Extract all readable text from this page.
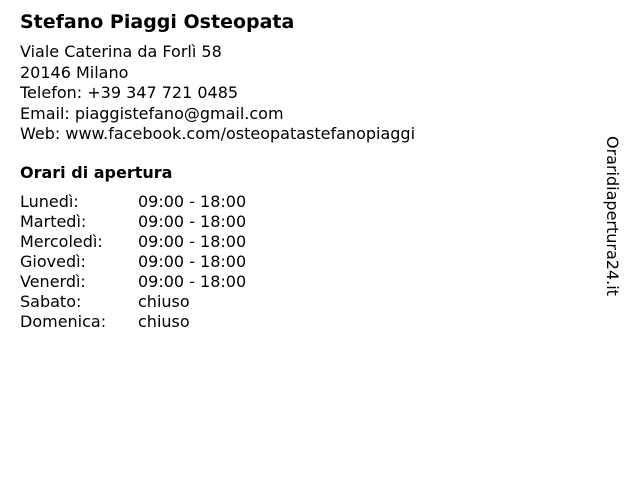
Stefano Piaggi Osteopata
Viale Caterina da Forlì 58
20146 Milano
Telefon: +39 347 721 0485
Email: piaggistefano@gmail.com
Web: www.facebook.com/osteopatastefanopiaggi
Orari di apertura
Lunedì:	09:00 - 18:00
Martedì:	09:00 - 18:00
Mercoledì:	09:00 - 18:00
Giovedì:	09:00 - 18:00
Venerdì:	09:00 - 18:00
Sabato:	chiuso
Domenica:	chiuso
Oraridiapertura24.it
